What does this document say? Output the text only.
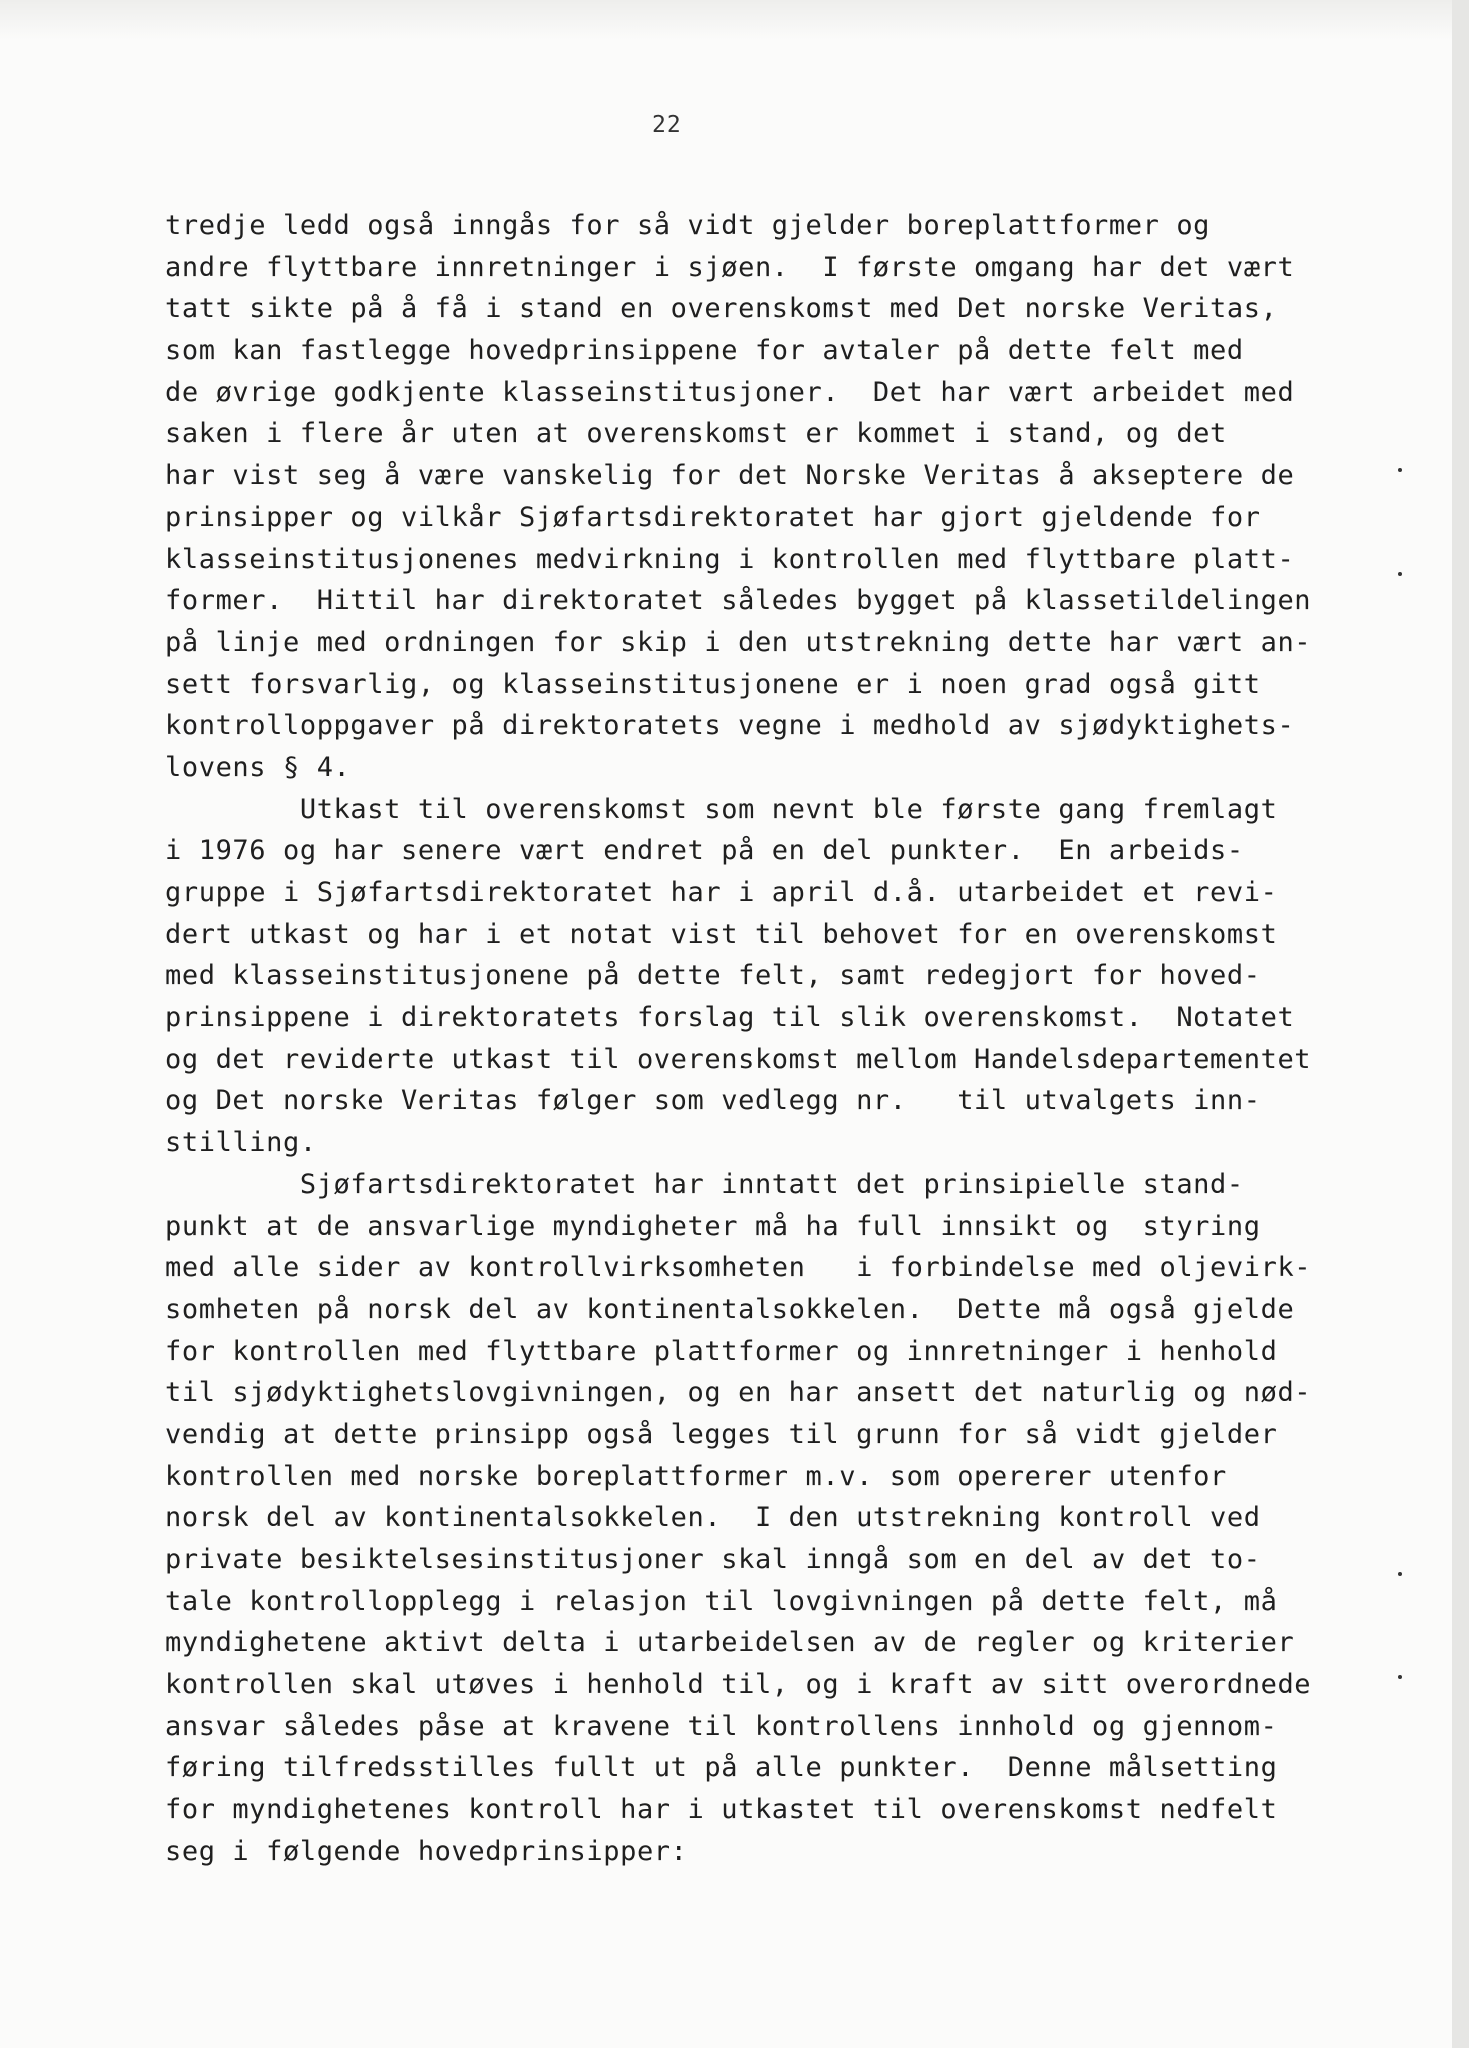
22
tredje ledd også inngås for så vidt gjelder boreplattformer og
andre flyttbare innretninger i sjøen.  I første omgang har det vært
tatt sikte på å få i stand en overenskomst med Det norske Veritas,
som kan fastlegge hovedprinsippene for avtaler på dette felt med
de øvrige godkjente klasseinstitusjoner.  Det har vært arbeidet med
saken i flere år uten at overenskomst er kommet i stand, og det
har vist seg å være vanskelig for det Norske Veritas å akseptere de
prinsipper og vilkår Sjøfartsdirektoratet har gjort gjeldende for
klasseinstitusjonenes medvirkning i kontrollen med flyttbare platt-
former.  Hittil har direktoratet således bygget på klassetildelingen
på linje med ordningen for skip i den utstrekning dette har vært an-
sett forsvarlig, og klasseinstitusjonene er i noen grad også gitt
kontrolloppgaver på direktoratets vegne i medhold av sjødyktighets-
lovens § 4.
Utkast til overenskomst som nevnt ble første gang fremlagt
i 1976 og har senere vært endret på en del punkter.  En arbeids-
gruppe i Sjøfartsdirektoratet har i april d.å. utarbeidet et revi-
dert utkast og har i et notat vist til behovet for en overenskomst
med klasseinstitusjonene på dette felt, samt redegjort for hoved-
prinsippene i direktoratets forslag til slik overenskomst.  Notatet
og det reviderte utkast til overenskomst mellom Handelsdepartementet
og Det norske Veritas følger som vedlegg nr.   til utvalgets inn-
stilling.
Sjøfartsdirektoratet har inntatt det prinsipielle stand-
punkt at de ansvarlige myndigheter må ha full innsikt og  styring
med alle sider av kontrollvirksomheten   i forbindelse med oljevirk-
somheten på norsk del av kontinentalsokkelen.  Dette må også gjelde
for kontrollen med flyttbare plattformer og innretninger i henhold
til sjødyktighetslovgivningen, og en har ansett det naturlig og nød-
vendig at dette prinsipp også legges til grunn for så vidt gjelder
kontrollen med norske boreplattformer m.v. som opererer utenfor
norsk del av kontinentalsokkelen.  I den utstrekning kontroll ved
private besiktelsesinstitusjoner skal inngå som en del av det to-
tale kontrollopplegg i relasjon til lovgivningen på dette felt, må
myndighetene aktivt delta i utarbeidelsen av de regler og kriterier
kontrollen skal utøves i henhold til, og i kraft av sitt overordnede
ansvar således påse at kravene til kontrollens innhold og gjennom-
føring tilfredsstilles fullt ut på alle punkter.  Denne målsetting
for myndighetenes kontroll har i utkastet til overenskomst nedfelt
seg i følgende hovedprinsipper:
